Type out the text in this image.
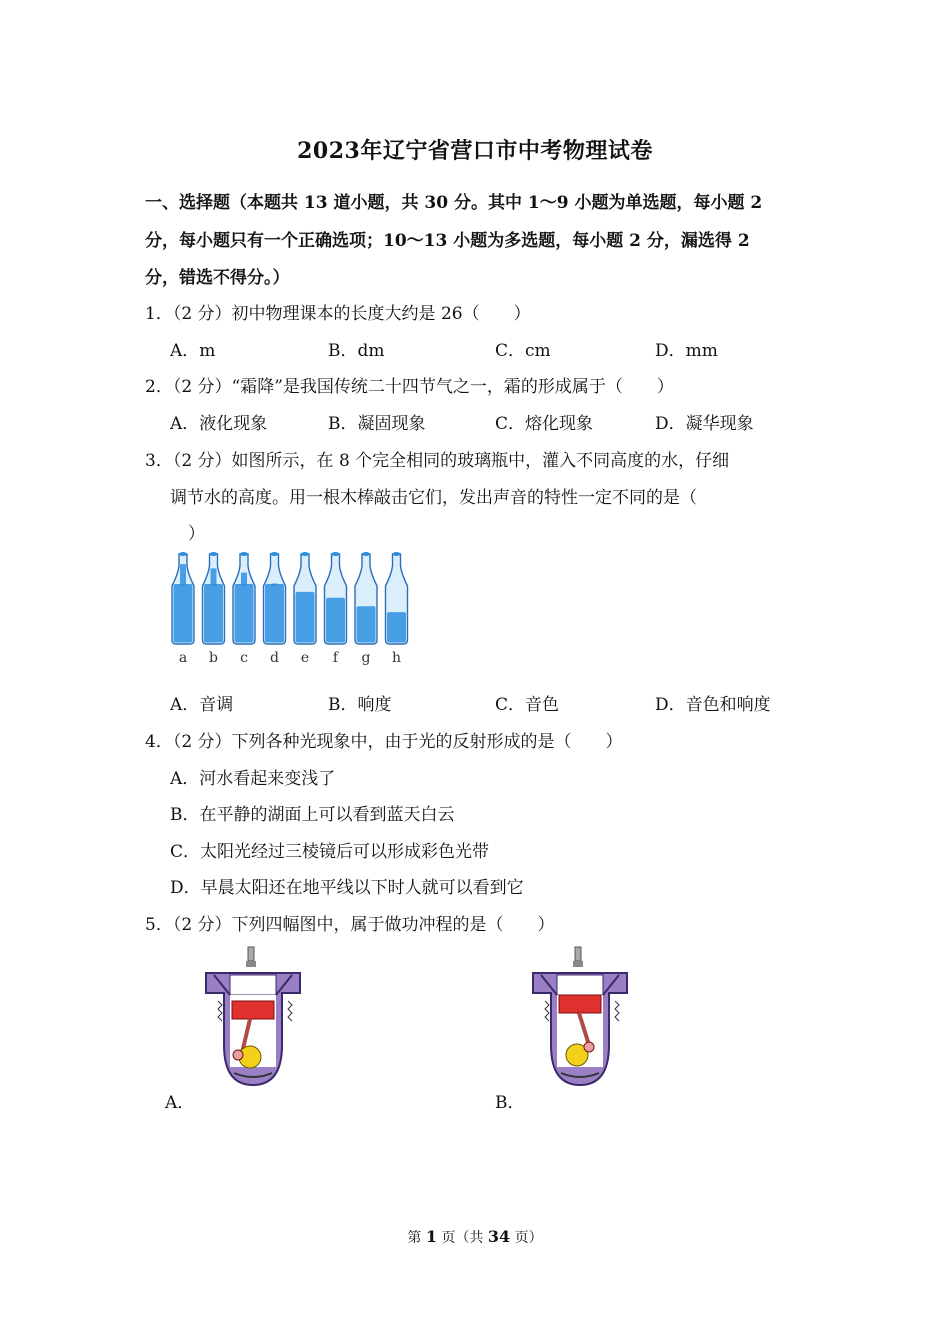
2023年辽宁省营口市中考物理试卷
一、选择题（本题共 13 道小题，共 30 分。其中 1～9 小题为单选题，每小题 2
分，每小题只有一个正确选项；10～13 小题为多选题，每小题 2 分，漏选得 2
分，错选不得分。）
1．（2 分）初中物理课本的长度大约是 26（　　）
A．m	B．dm	C．cm	D．mm
2．（2 分）“霜降”是我国传统二十四节气之一，霜的形成属于（　　）
A．液化现象	B．凝固现象	C．熔化现象	D．凝华现象
3．（2 分）如图所示，在 8 个完全相同的玻璃瓶中，灌入不同高度的水，仔细
调节水的高度。用一根木棒敲击它们，发出声音的特性一定不同的是（
）
a b c d e f g h
A．音调	B．响度	C．音色	D．音色和响度
4．（2 分）下列各种光现象中，由于光的反射形成的是（　　）
A．河水看起来变浅了
B．在平静的湖面上可以看到蓝天白云
C．太阳光经过三棱镜后可以形成彩色光带
D．早晨太阳还在地平线以下时人就可以看到它
5．（2 分）下列四幅图中，属于做功冲程的是（　　）
A．	B．
第 1 页（共 34 页）
